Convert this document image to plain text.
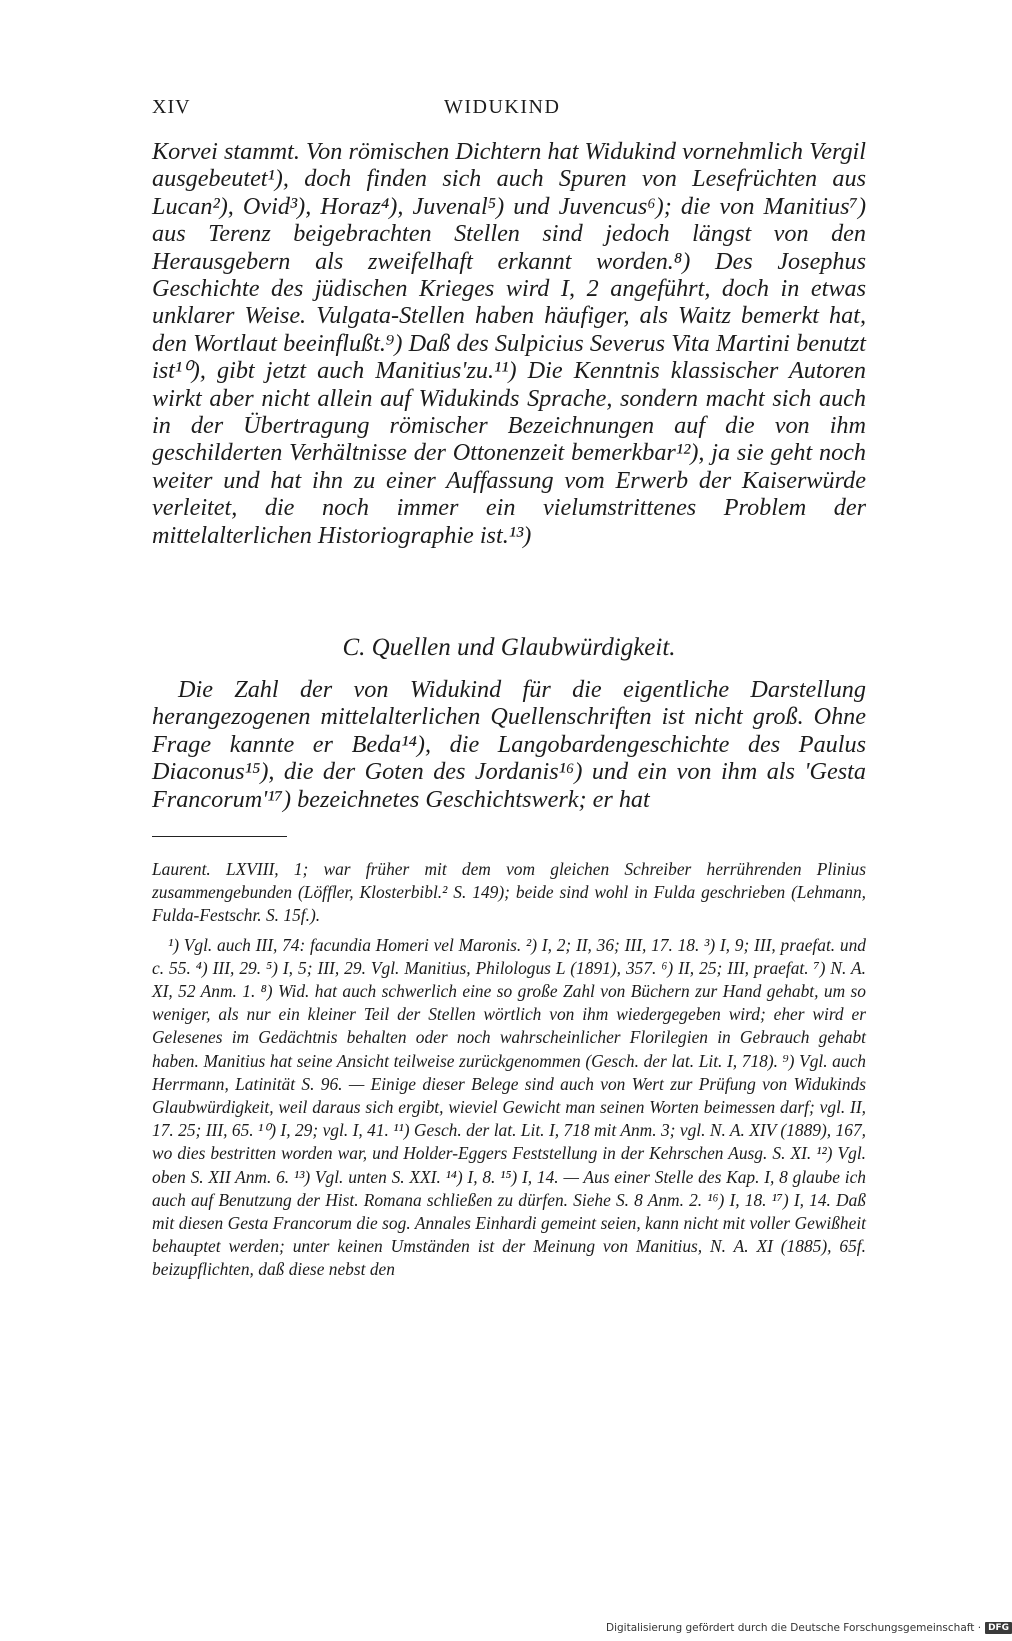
XIV	WIDUKIND

Korvei stammt. Von römischen Dichtern hat Widukind vornehmlich Vergil ausgebeutet¹), doch finden sich auch Spuren von Lesefrüchten aus Lucan²), Ovid³), Horaz⁴), Juvenal⁵) und Juvencus⁶); die von Manitius⁷) aus Terenz beigebrachten Stellen sind jedoch längst von den Herausgebern als zweifelhaft erkannt worden.⁸) Des Josephus Geschichte des jüdischen Krieges wird I, 2 angeführt, doch in etwas unklarer Weise. Vulgata-Stellen haben häufiger, als Waitz bemerkt hat, den Wortlaut beeinflußt.⁹) Daß des Sulpicius Severus Vita Martini benutzt ist¹⁰), gibt jetzt auch Manitius'zu.¹¹) Die Kenntnis klassischer Autoren wirkt aber nicht allein auf Widukinds Sprache, sondern macht sich auch in der Übertragung römischer Bezeichnungen auf die von ihm geschilderten Verhältnisse der Ottonenzeit bemerkbar¹²), ja sie geht noch weiter und hat ihn zu einer Auffassung vom Erwerb der Kaiserwürde verleitet, die noch immer ein vielumstrittenes Problem der mittelalterlichen Historiographie ist.¹³)

C. Quellen und Glaubwürdigkeit.

Die Zahl der von Widukind für die eigentliche Darstellung herangezogenen mittelalterlichen Quellenschriften ist nicht groß. Ohne Frage kannte er Beda¹⁴), die Langobardengeschichte des Paulus Diaconus¹⁵), die der Goten des Jordanis¹⁶) und ein von ihm als 'Gesta Francorum'¹⁷) bezeichnetes Geschichtswerk; er hat

Laurent. LXVIII, 1; war früher mit dem vom gleichen Schreiber herrührenden Plinius zusammengebunden (Löffler, Klosterbibl.² S. 149); beide sind wohl in Fulda geschrieben (Lehmann, Fulda-Festschr. S. 15f.).

¹) Vgl. auch III, 74: facundia Homeri vel Maronis. ²) I, 2; II, 36; III, 17. 18. ³) I, 9; III, praefat. und c. 55. ⁴) III, 29. ⁵) I, 5; III, 29. Vgl. Manitius, Philologus L (1891), 357. ⁶) II, 25; III, praefat. ⁷) N. A. XI, 52 Anm. 1. ⁸) Wid. hat auch schwerlich eine so große Zahl von Büchern zur Hand gehabt, um so weniger, als nur ein kleiner Teil der Stellen wörtlich von ihm wiedergegeben wird; eher wird er Gelesenes im Gedächtnis behalten oder noch wahrscheinlicher Florilegien in Gebrauch gehabt haben. Manitius hat seine Ansicht teilweise zurückgenommen (Gesch. der lat. Lit. I, 718). ⁹) Vgl. auch Herrmann, Latinität S. 96. — Einige dieser Belege sind auch von Wert zur Prüfung von Widukinds Glaubwürdigkeit, weil daraus sich ergibt, wieviel Gewicht man seinen Worten beimessen darf; vgl. II, 17. 25; III, 65. ¹⁰) I, 29; vgl. I, 41. ¹¹) Gesch. der lat. Lit. I, 718 mit Anm. 3; vgl. N. A. XIV (1889), 167, wo dies bestritten worden war, und Holder-Eggers Feststellung in der Kehrschen Ausg. S. XI. ¹²) Vgl. oben S. XII Anm. 6. ¹³) Vgl. unten S. XXI. ¹⁴) I, 8. ¹⁵) I, 14. — Aus einer Stelle des Kap. I, 8 glaube ich auch auf Benutzung der Hist. Romana schließen zu dürfen. Siehe S. 8 Anm. 2. ¹⁶) I, 18. ¹⁷) I, 14. Daß mit diesen Gesta Francorum die sog. Annales Einhardi gemeint seien, kann nicht mit voller Gewißheit behauptet werden; unter keinen Umständen ist der Meinung von Manitius, N. A. XI (1885), 65f. beizupflichten, daß diese nebst den

Digitalisierung gefördert durch die Deutsche Forschungsgemeinschaft · DFG
